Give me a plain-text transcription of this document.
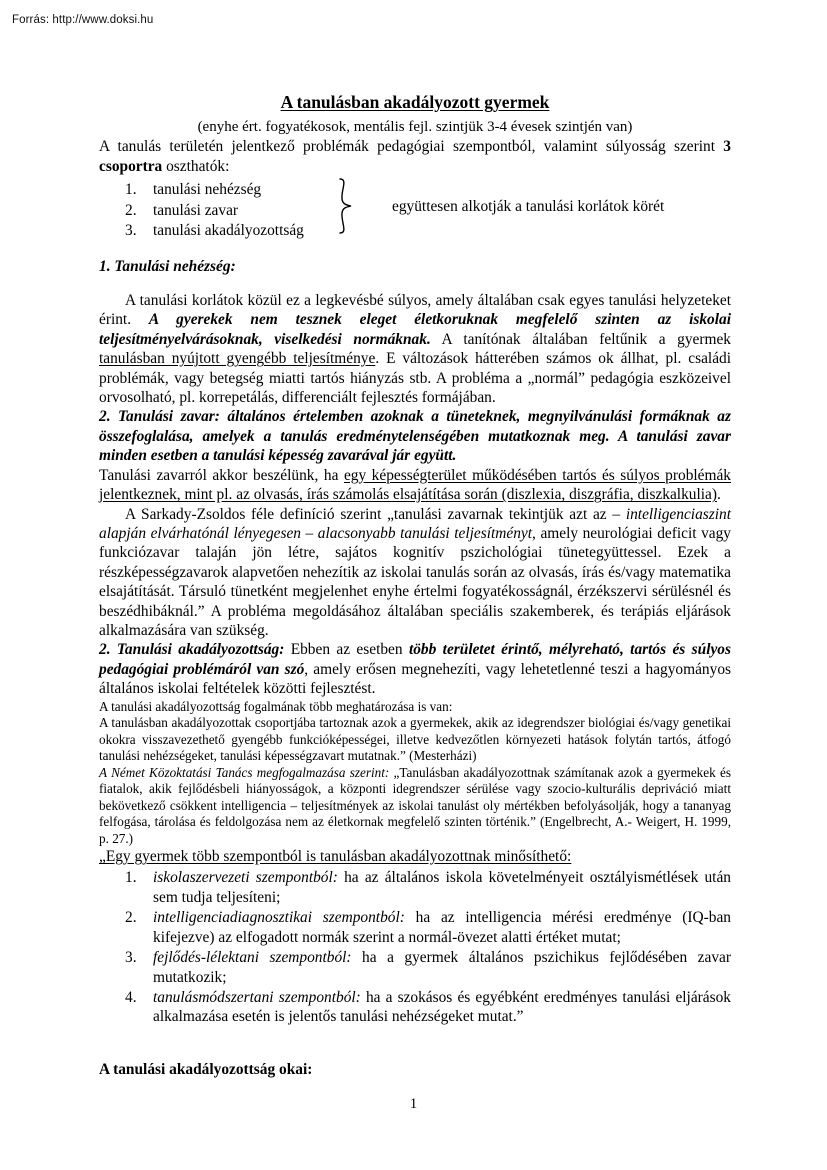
Forrás: http://www.doksi.hu
A tanulásban akadályozott gyermek
(enyhe ért. fogyatékosok, mentális fejl. szintjük 3-4 évesek szintjén van)

A tanulás területén jelentkező problémák pedagógiai szempontból, valamint súlyosság szerint 3 csoportra oszthatók:

1.	tanulási nehézség
2.	tanulási zavar
3.	tanulási akadályozottság
együttesen alkotják a tanulási korlátok körét

1. Tanulási nehézség:

A tanulási korlátok közül ez a legkevésbé súlyos, amely általában csak egyes tanulási helyzeteket érint. A gyerekek nem tesznek eleget életkoruknak megfelelő szinten az iskolai teljesítményelvárásoknak, viselkedési normáknak. A tanítónak általában feltűnik a gyermek tanulásban nyújtott gyengébb teljesítménye. E változások hátterében számos ok állhat, pl. családi problémák, vagy betegség miatti tartós hiányzás stb. A probléma a „normál” pedagógia eszközeivel orvosolható, pl. korrepetálás, differenciált fejlesztés formájában.

2. Tanulási zavar: általános értelemben azoknak a tüneteknek, megnyilvánulási formáknak az összefoglalása, amelyek a tanulás eredménytelenségében mutatkoznak meg. A tanulási zavar minden esetben a tanulási képesség zavarával jár együtt.

Tanulási zavarról akkor beszélünk, ha egy képességterület működésében tartós és súlyos problémák jelentkeznek, mint pl. az olvasás, írás számolás elsajátítása során (diszlexia, diszgráfia, diszkalkulia).

A Sarkady-Zsoldos féle definíció szerint „tanulási zavarnak tekintjük azt az – intelligenciaszint alapján elvárhatónál lényegesen – alacsonyabb tanulási teljesítményt, amely neurológiai deficit vagy funkciózavar talaján jön létre, sajátos kognitív pszichológiai tünetegyüttessel. Ezek a részképességzavarok alapvetően nehezítik az iskolai tanulás során az olvasás, írás és/vagy matematika elsajátítását. Társuló tünetként megjelenhet enyhe értelmi fogyatékosságnál, érzékszervi sérülésnél és beszédhibáknál.” A probléma megoldásához általában speciális szakemberek, és terápiás eljárások alkalmazására van szükség.

2. Tanulási akadályozottság: Ebben az esetben több területet érintő, mélyreható, tartós és súlyos pedagógiai problémáról van szó, amely erősen megnehezíti, vagy lehetetlenné teszi a hagyományos általános iskolai feltételek közötti fejlesztést.

A tanulási akadályozottság fogalmának több meghatározása is van:

A tanulásban akadályozottak csoportjába tartoznak azok a gyermekek, akik az idegrendszer biológiai és/vagy genetikai okokra visszavezethető gyengébb funkcióképességei, illetve kedvezőtlen környezeti hatások folytán tartós, átfogó tanulási nehézségeket, tanulási képességzavart mutatnak.” (Mesterházi)

A Német Közoktatási Tanács megfogalmazása szerint: „Tanulásban akadályozottnak számítanak azok a gyermekek és fiatalok, akik fejlődésbeli hiányosságok, a központi idegrendszer sérülése vagy szocio-kulturális depriváció miatt bekövetkező csökkent intelligencia – teljesítmények az iskolai tanulást oly mértékben befolyásolják, hogy a tananyag felfogása, tárolása és feldolgozása nem az életkornak megfelelő szinten történik.” (Engelbrecht, A.- Weigert, H. 1999, p. 27.)

„Egy gyermek több szempontból is tanulásban akadályozottnak minősíthető:

1.	iskolaszervezeti szempontból: ha az általános iskola követelményeit osztályismétlések után sem tudja teljesíteni;
2.	intelligenciadiagnosztikai szempontból: ha az intelligencia mérési eredménye (IQ-ban kifejezve) az elfogadott normák szerint a normál-övezet alatti értéket mutat;
3.	fejlődés-lélektani szempontból: ha a gyermek általános pszichikus fejlődésében zavar mutatkozik;
4.	tanulásmódszertani szempontból: ha a szokásos és egyébként eredményes tanulási eljárások alkalmazása esetén is jelentős tanulási nehézségeket mutat.”

A tanulási akadályozottság okai:

1
